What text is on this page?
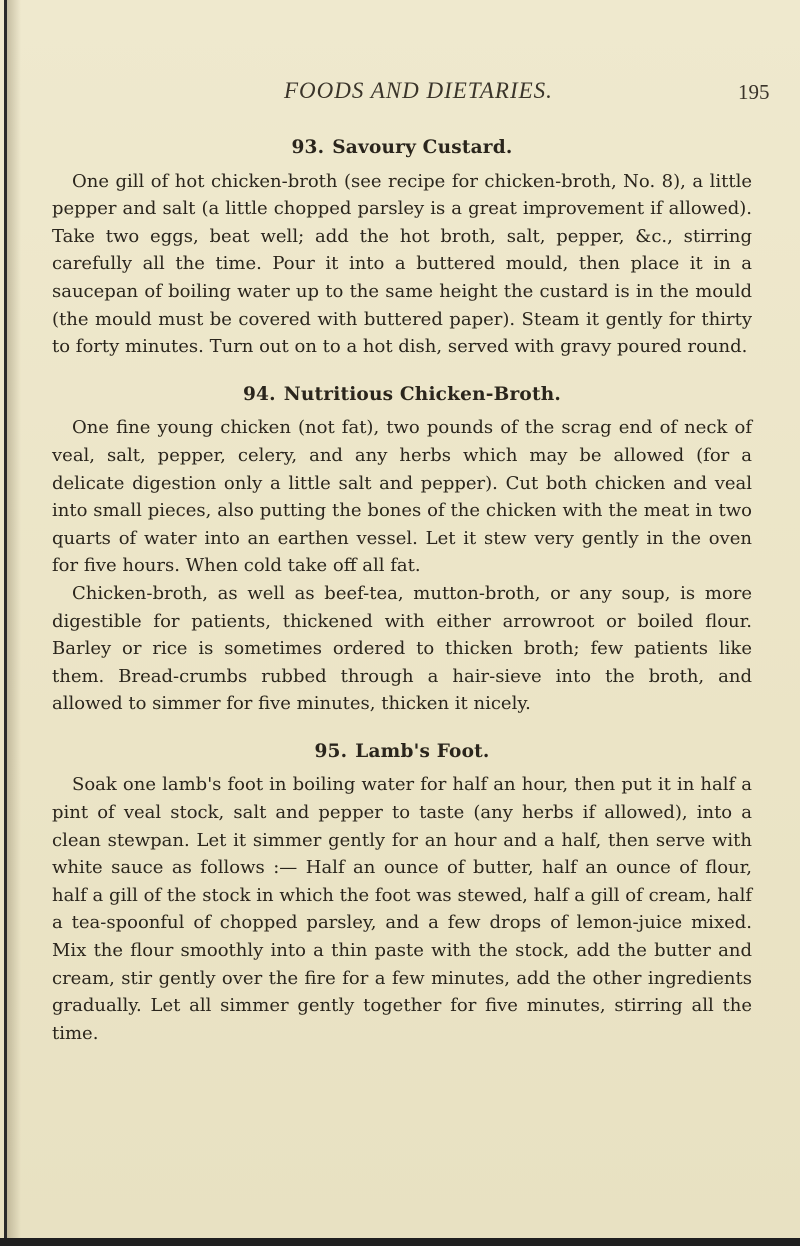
FOODS AND DIETARIES.	195

93. Savoury Custard.

One gill of hot chicken-broth (see recipe for chicken-broth, No. 8), a little pepper and salt (a little chopped parsley is a great improvement if allowed). Take two eggs, beat well; add the hot broth, salt, pepper, &c., stirring carefully all the time. Pour it into a buttered mould, then place it in a saucepan of boiling water up to the same height the custard is in the mould (the mould must be covered with buttered paper). Steam it gently for thirty to forty minutes. Turn out on to a hot dish, served with gravy poured round.

94. Nutritious Chicken-Broth.

One fine young chicken (not fat), two pounds of the scrag end of neck of veal, salt, pepper, celery, and any herbs which may be allowed (for a delicate digestion only a little salt and pepper). Cut both chicken and veal into small pieces, also putting the bones of the chicken with the meat in two quarts of water into an earthen vessel. Let it stew very gently in the oven for five hours. When cold take off all fat.

Chicken-broth, as well as beef-tea, mutton-broth, or any soup, is more digestible for patients, thickened with either arrowroot or boiled flour. Barley or rice is sometimes ordered to thicken broth; few patients like them. Bread-crumbs rubbed through a hair-sieve into the broth, and allowed to simmer for five minutes, thicken it nicely.

95. Lamb's Foot.

Soak one lamb's foot in boiling water for half an hour, then put it in half a pint of veal stock, salt and pepper to taste (any herbs if allowed), into a clean stewpan. Let it simmer gently for an hour and a half, then serve with white sauce as follows :— Half an ounce of butter, half an ounce of flour, half a gill of the stock in which the foot was stewed, half a gill of cream, half a tea-spoonful of chopped parsley, and a few drops of lemon-juice mixed. Mix the flour smoothly into a thin paste with the stock, add the butter and cream, stir gently over the fire for a few minutes, add the other ingredients gradually. Let all simmer gently together for five minutes, stirring all the time.
